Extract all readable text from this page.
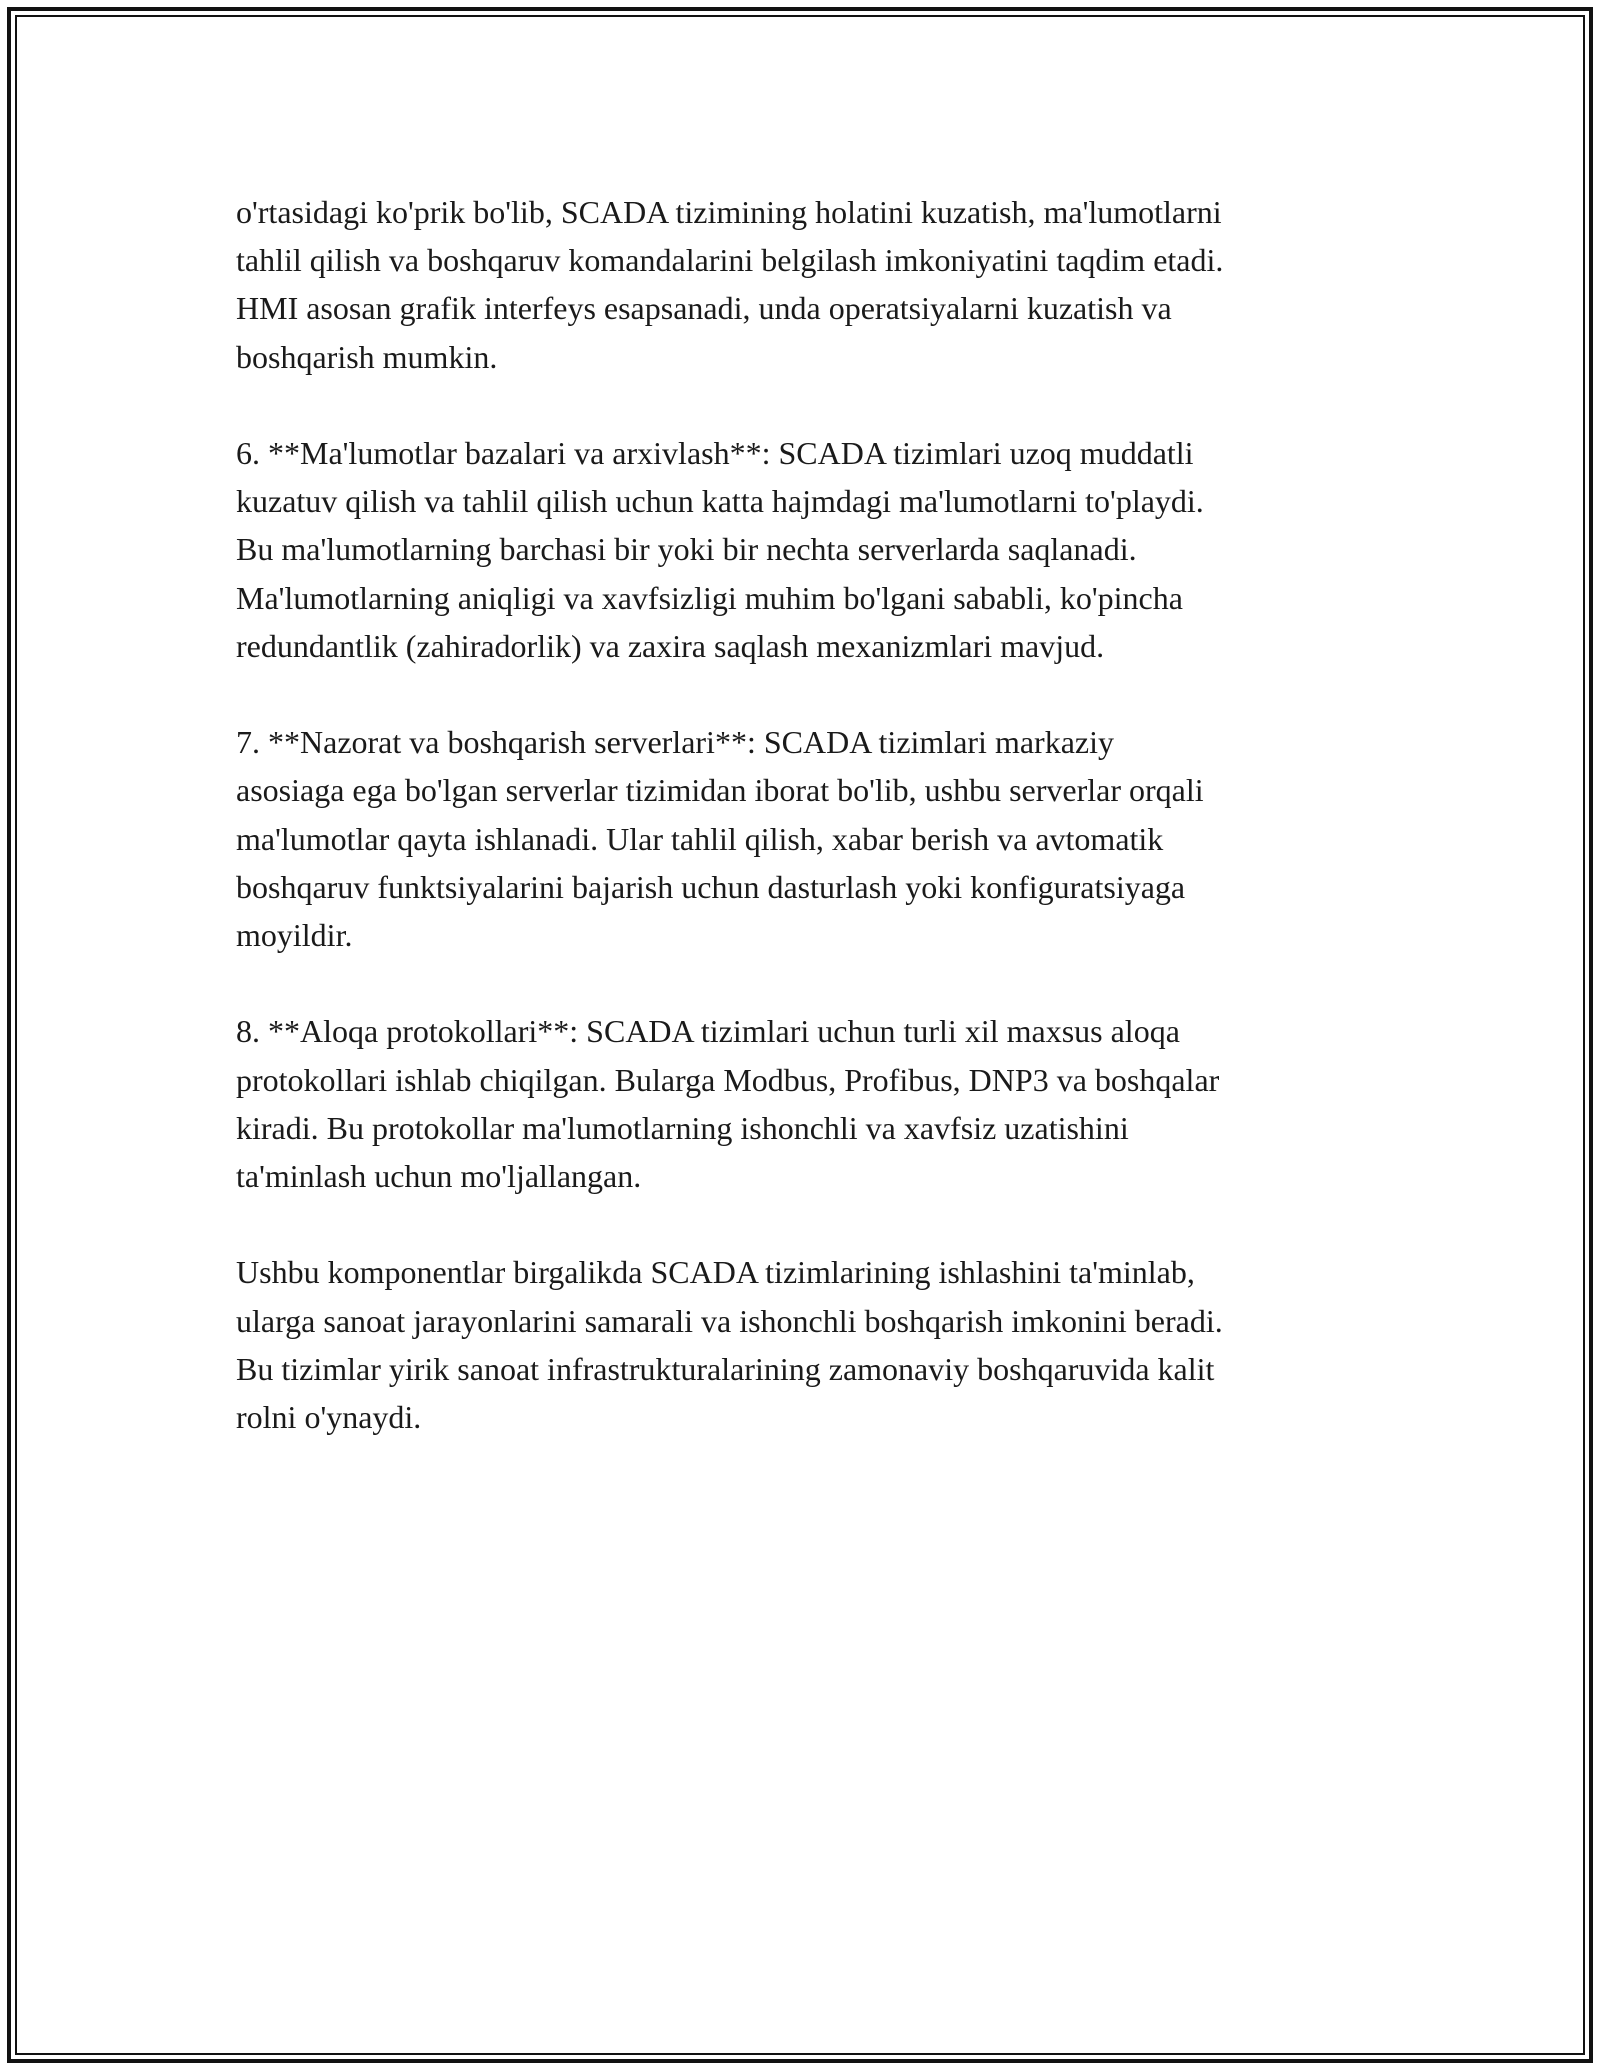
o'rtasidagi ko'prik bo'lib, SCADA tizimining holatini kuzatish, ma'lumotlarni
tahlil qilish va boshqaruv komandalarini belgilash imkoniyatini taqdim etadi.
HMI asosan grafik interfeys esapsanadi, unda operatsiyalarni kuzatish va
boshqarish mumkin.

6. **Ma'lumotlar bazalari va arxivlash**: SCADA tizimlari uzoq muddatli
kuzatuv qilish va tahlil qilish uchun katta hajmdagi ma'lumotlarni to'playdi.
Bu ma'lumotlarning barchasi bir yoki bir nechta serverlarda saqlanadi.
Ma'lumotlarning aniqligi va xavfsizligi muhim bo'lgani sababli, ko'pincha
redundantlik (zahiradorlik) va zaxira saqlash mexanizmlari mavjud.

7. **Nazorat va boshqarish serverlari**: SCADA tizimlari markaziy
asosiaga ega bo'lgan serverlar tizimidan iborat bo'lib, ushbu serverlar orqali
ma'lumotlar qayta ishlanadi. Ular tahlil qilish, xabar berish va avtomatik
boshqaruv funktsiyalarini bajarish uchun dasturlash yoki konfiguratsiyaga
moyildir.

8. **Aloqa protokollari**: SCADA tizimlari uchun turli xil maxsus aloqa
protokollari ishlab chiqilgan. Bularga Modbus, Profibus, DNP3 va boshqalar
kiradi. Bu protokollar ma'lumotlarning ishonchli va xavfsiz uzatishini
ta'minlash uchun mo'ljallangan.

Ushbu komponentlar birgalikda SCADA tizimlarining ishlashini ta'minlab,
ularga sanoat jarayonlarini samarali va ishonchli boshqarish imkonini beradi.
Bu tizimlar yirik sanoat infrastrukturalarining zamonaviy boshqaruvida kalit
rolni o'ynaydi.
